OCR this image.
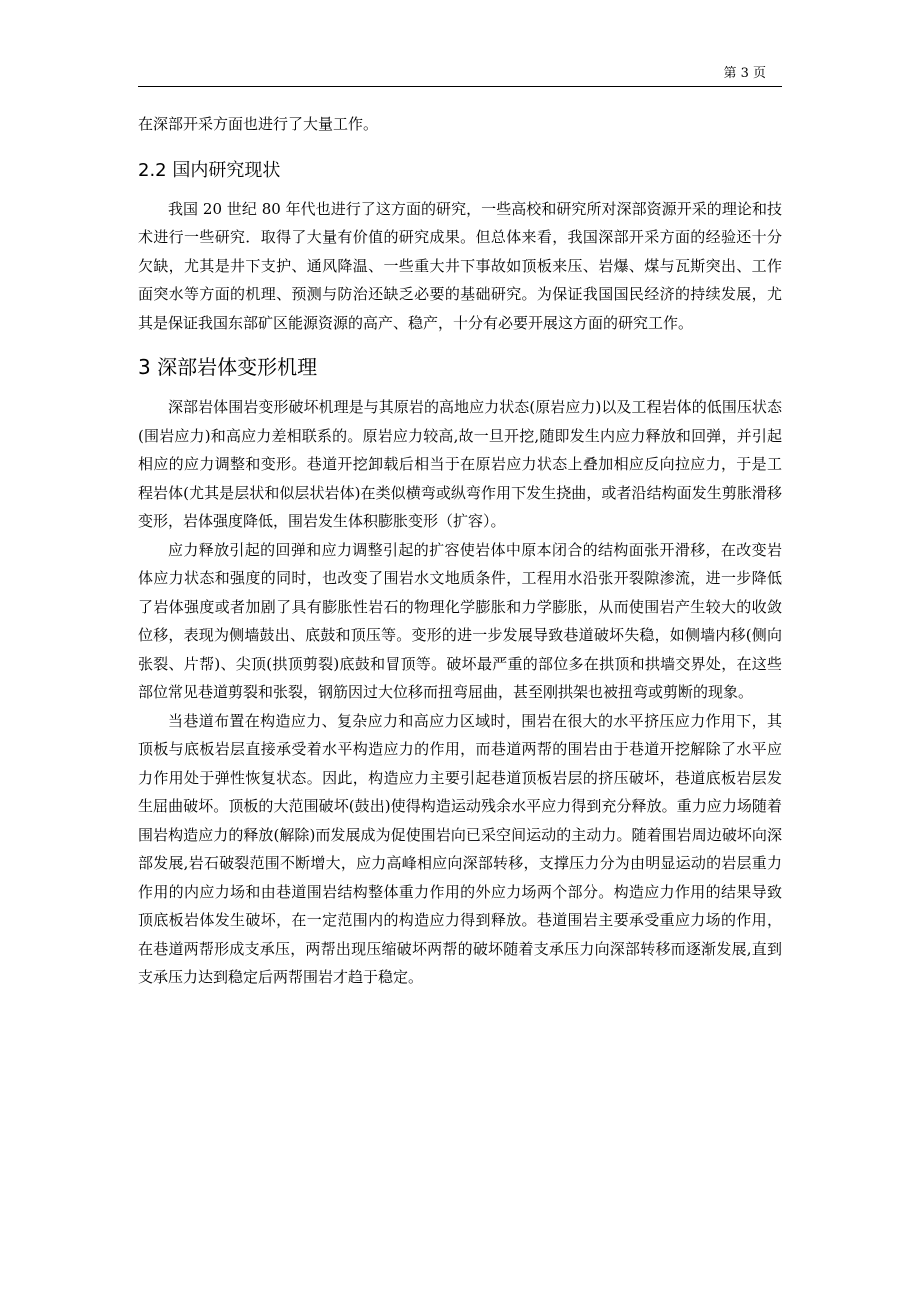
第 3 页

在深部开采方面也进行了大量工作。

2.2 国内研究现状

我国 20 世纪 80 年代也进行了这方面的研究，一些高校和研究所对深部资源开采的理论和技术进行一些研究．取得了大量有价值的研究成果。但总体来看，我国深部开采方面的经验还十分欠缺，尤其是井下支护、通风降温、一些重大井下事故如顶板来压、岩爆、煤与瓦斯突出、工作面突水等方面的机理、预测与防治还缺乏必要的基础研究。为保证我国国民经济的持续发展，尤其是保证我国东部矿区能源资源的高产、稳产，十分有必要开展这方面的研究工作。

3 深部岩体变形机理

深部岩体围岩变形破坏机理是与其原岩的高地应力状态(原岩应力)以及工程岩体的低围压状态(围岩应力)和高应力差相联系的。原岩应力较高,故一旦开挖,随即发生内应力释放和回弹，并引起相应的应力调整和变形。巷道开挖卸载后相当于在原岩应力状态上叠加相应反向拉应力，于是工程岩体(尤其是层状和似层状岩体)在类似横弯或纵弯作用下发生挠曲，或者沿结构面发生剪胀滑移变形，岩体强度降低，围岩发生体积膨胀变形（扩容）。

应力释放引起的回弹和应力调整引起的扩容使岩体中原本闭合的结构面张开滑移，在改变岩体应力状态和强度的同时，也改变了围岩水文地质条件，工程用水沿张开裂隙渗流，进一步降低了岩体强度或者加剧了具有膨胀性岩石的物理化学膨胀和力学膨胀，从而使围岩产生较大的收敛位移，表现为侧墙鼓出、底鼓和顶压等。变形的进一步发展导致巷道破坏失稳，如侧墙内移(侧向张裂、片帮)、尖顶(拱顶剪裂)底鼓和冒顶等。破坏最严重的部位多在拱顶和拱墙交界处，在这些部位常见巷道剪裂和张裂，钢筋因过大位移而扭弯屈曲，甚至刚拱架也被扭弯或剪断的现象。

当巷道布置在构造应力、复杂应力和高应力区域时，围岩在很大的水平挤压应力作用下，其顶板与底板岩层直接承受着水平构造应力的作用，而巷道两帮的围岩由于巷道开挖解除了水平应力作用处于弹性恢复状态。因此，构造应力主要引起巷道顶板岩层的挤压破坏，巷道底板岩层发生屈曲破坏。顶板的大范围破坏(鼓出)使得构造运动残余水平应力得到充分释放。重力应力场随着围岩构造应力的释放(解除)而发展成为促使围岩向已采空间运动的主动力。随着围岩周边破坏向深部发展,岩石破裂范围不断增大，应力高峰相应向深部转移，支撑压力分为由明显运动的岩层重力作用的内应力场和由巷道围岩结构整体重力作用的外应力场两个部分。构造应力作用的结果导致顶底板岩体发生破坏，在一定范围内的构造应力得到释放。巷道围岩主要承受重应力场的作用，在巷道两帮形成支承压，两帮出现压缩破坏两帮的破坏随着支承压力向深部转移而逐渐发展,直到支承压力达到稳定后两帮围岩才趋于稳定。
